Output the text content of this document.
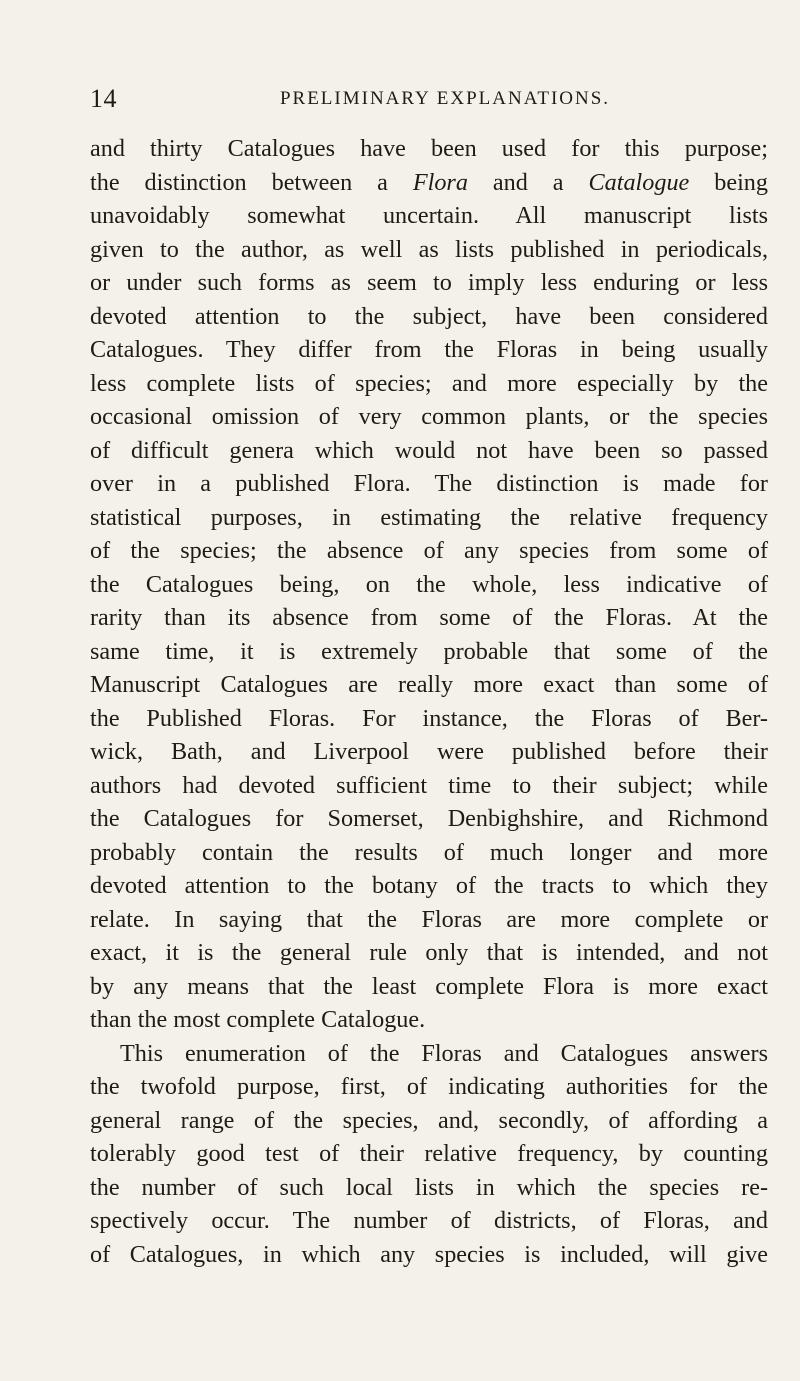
14	PRELIMINARY EXPLANATIONS.
and thirty Catalogues have been used for this purpose;
the distinction between a Flora and a Catalogue being
unavoidably somewhat uncertain. All manuscript lists
given to the author, as well as lists published in periodicals,
or under such forms as seem to imply less enduring or less
devoted attention to the subject, have been considered
Catalogues. They differ from the Floras in being usually
less complete lists of species; and more especially by the
occasional omission of very common plants, or the species
of difficult genera which would not have been so passed
over in a published Flora. The distinction is made for
statistical purposes, in estimating the relative frequency
of the species; the absence of any species from some of
the Catalogues being, on the whole, less indicative of
rarity than its absence from some of the Floras. At the
same time, it is extremely probable that some of the
Manuscript Catalogues are really more exact than some of
the Published Floras. For instance, the Floras of Ber-
wick, Bath, and Liverpool were published before their
authors had devoted sufficient time to their subject; while
the Catalogues for Somerset, Denbighshire, and Richmond
probably contain the results of much longer and more
devoted attention to the botany of the tracts to which they
relate. In saying that the Floras are more complete or
exact, it is the general rule only that is intended, and not
by any means that the least complete Flora is more exact
than the most complete Catalogue.
This enumeration of the Floras and Catalogues answers
the twofold purpose, first, of indicating authorities for the
general range of the species, and, secondly, of affording a
tolerably good test of their relative frequency, by counting
the number of such local lists in which the species re-
spectively occur. The number of districts, of Floras, and
of Catalogues, in which any species is included, will give
